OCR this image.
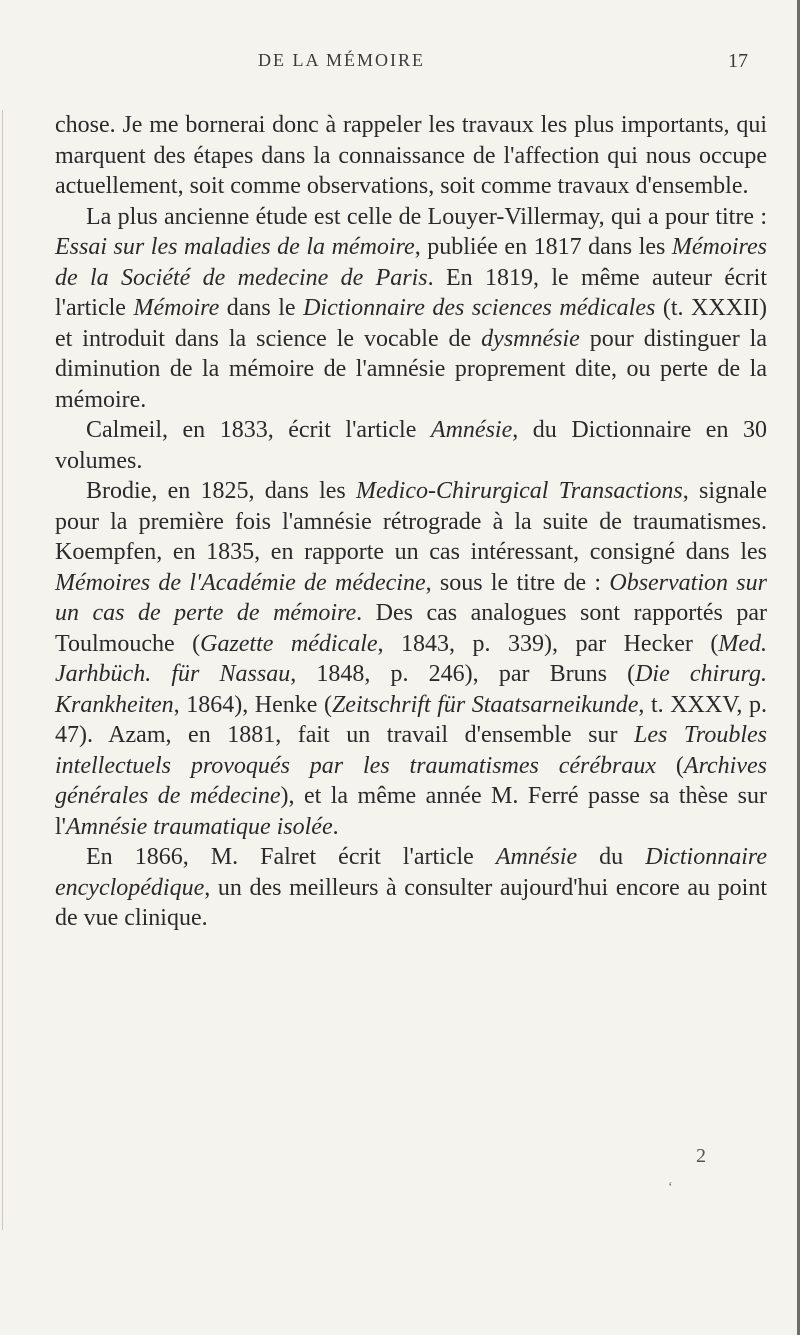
DE LA MÉMOIRE	17

chose. Je me bornerai donc à rappeler les travaux les plus importants, qui marquent des étapes dans la connaissance de l'affection qui nous occupe actuellement, soit comme observations, soit comme travaux d'ensemble.

La plus ancienne étude est celle de Louyer-Villermay, qui a pour titre : Essai sur les maladies de la mémoire, publiée en 1817 dans les Mémoires de la Société de medecine de Paris. En 1819, le même auteur écrit l'article Mémoire dans le Dictionnaire des sciences médicales (t. XXXII) et introduit dans la science le vocable de dysmnésie pour distinguer la diminution de la mémoire de l'amnésie proprement dite, ou perte de la mémoire.

Calmeil, en 1833, écrit l'article Amnésie, du Dictionnaire en 30 volumes.

Brodie, en 1825, dans les Medico-Chirurgical Transactions, signale pour la première fois l'amnésie rétrograde à la suite de traumatismes. Koempfen, en 1835, en rapporte un cas intéressant, consigné dans les Mémoires de l'Académie de médecine, sous le titre de : Observation sur un cas de perte de mémoire. Des cas analogues sont rapportés par Toulmouche (Gazette médicale, 1843, p. 339), par Hecker (Med. Jarhbüch. für Nassau, 1848, p. 246), par Bruns (Die chirurg. Krankheiten, 1864), Henke (Zeitschrift für Staatsarneikunde, t. XXXV, p. 47). Azam, en 1881, fait un travail d'ensemble sur Les Troubles intellectuels provoqués par les traumatismes cérébraux (Archives générales de médecine), et la même année M. Ferré passe sa thèse sur l'Amnésie traumatique isolée.

En 1866, M. Falret écrit l'article Amnésie du Dictionnaire encyclopédique, un des meilleurs à consulter aujourd'hui encore au point de vue clinique.

2
‘
